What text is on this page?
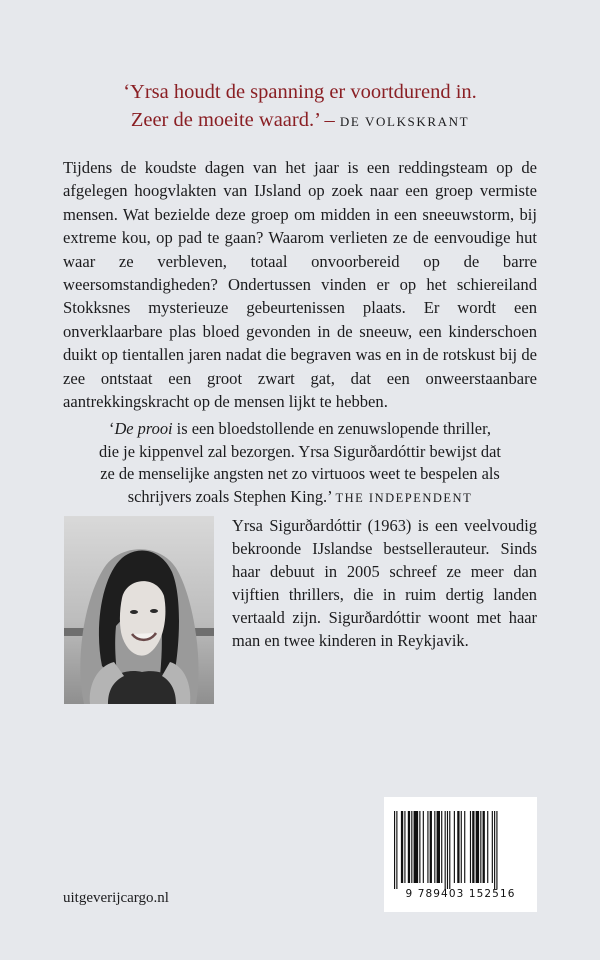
‘Yrsa houdt de spanning er voortdurend in.
Zeer de moeite waard.’ – DE VOLKSKRANT

Tijdens de koudste dagen van het jaar is een reddingsteam op de afgelegen hoogvlakten van IJsland op zoek naar een groep vermiste mensen. Wat bezielde deze groep om midden in een sneeuwstorm, bij extreme kou, op pad te gaan? Waarom verlieten ze de eenvoudige hut waar ze verbleven, totaal onvoorbereid op de barre weersomstandigheden? Ondertussen vinden er op het schiereiland Stokksnes mysterieuze gebeurtenissen plaats. Er wordt een onverklaarbare plas bloed gevonden in de sneeuw, een kinderschoen duikt op tientallen jaren nadat die begraven was en in de rotskust bij de zee ontstaat een groot zwart gat, dat een onweerstaanbare aantrekkingskracht op de mensen lijkt te hebben.

‘De prooi is een bloedstollende en zenuwslopende thriller,
die je kippenvel zal bezorgen. Yrsa Sigurðardóttir bewijst dat
ze de menselijke angsten net zo virtuoos weet te bespelen als
schrijvers zoals Stephen King.’ THE INDEPENDENT

Yrsa Sigurðardóttir (1963) is een veelvoudig bekroonde IJslandse bestsellerauteur. Sinds haar debuut in 2005 schreef ze meer dan vijftien thrillers, die in ruim dertig landen vertaald zijn. Sigurðardóttir woont met haar man en twee kinderen in Reykjavik.

9 789403 152516
uitgeverijcargo.nl
